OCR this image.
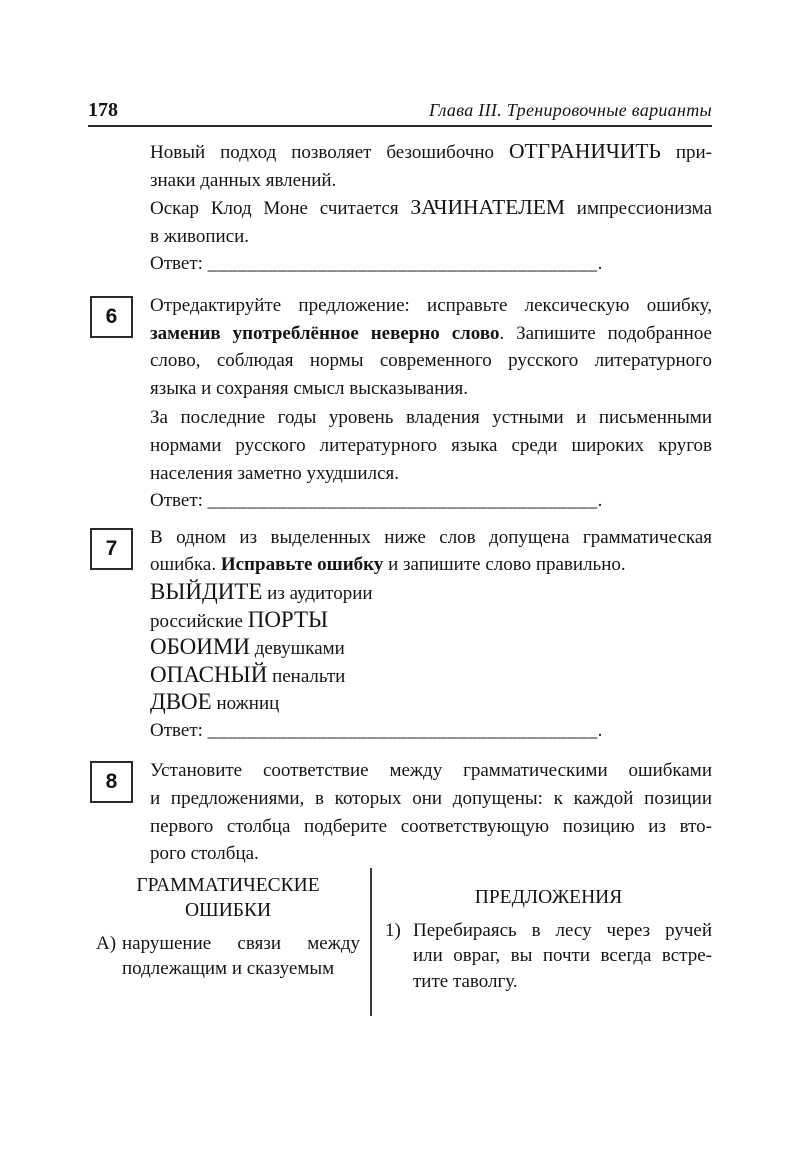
178	Глава III. Тренировочные варианты
Новый подход позволяет безошибочно ОТГРАНИЧИТЬ при-
знаки данных явлений.
Оскар Клод Моне считается ЗАЧИНАТЕЛЕМ импрессионизма
в живописи.
Ответ: _______________________________________.
6 Отредактируйте предложение: исправьте лексическую ошибку,
заменив употреблённое неверно слово. Запишите подобранное
слово, соблюдая нормы современного русского литературного
языка и сохраняя смысл высказывания.
За последние годы уровень владения устными и письменными
нормами русского литературного языка среди широких кругов
населения заметно ухудшился.
Ответ: _______________________________________.
7 В одном из выделенных ниже слов допущена грамматическая
ошибка. Исправьте ошибку и запишите слово правильно.
ВЫЙДИТЕ из аудитории
российские ПОРТЫ
ОБОИМИ девушками
ОПАСНЫЙ пенальти
ДВОЕ ножниц
Ответ: _______________________________________.
8 Установите соответствие между грамматическими ошибками
и предложениями, в которых они допущены: к каждой позиции
первого столбца подберите соответствующую позицию из вто-
рого столбца.
ГРАММАТИЧЕСКИЕ
ОШИБКИ
А) нарушение связи между
подлежащим и сказуемым
ПРЕДЛОЖЕНИЯ
1) Перебираясь в лесу через ручей
или овраг, вы почти всегда встре-
тите таволгу.
